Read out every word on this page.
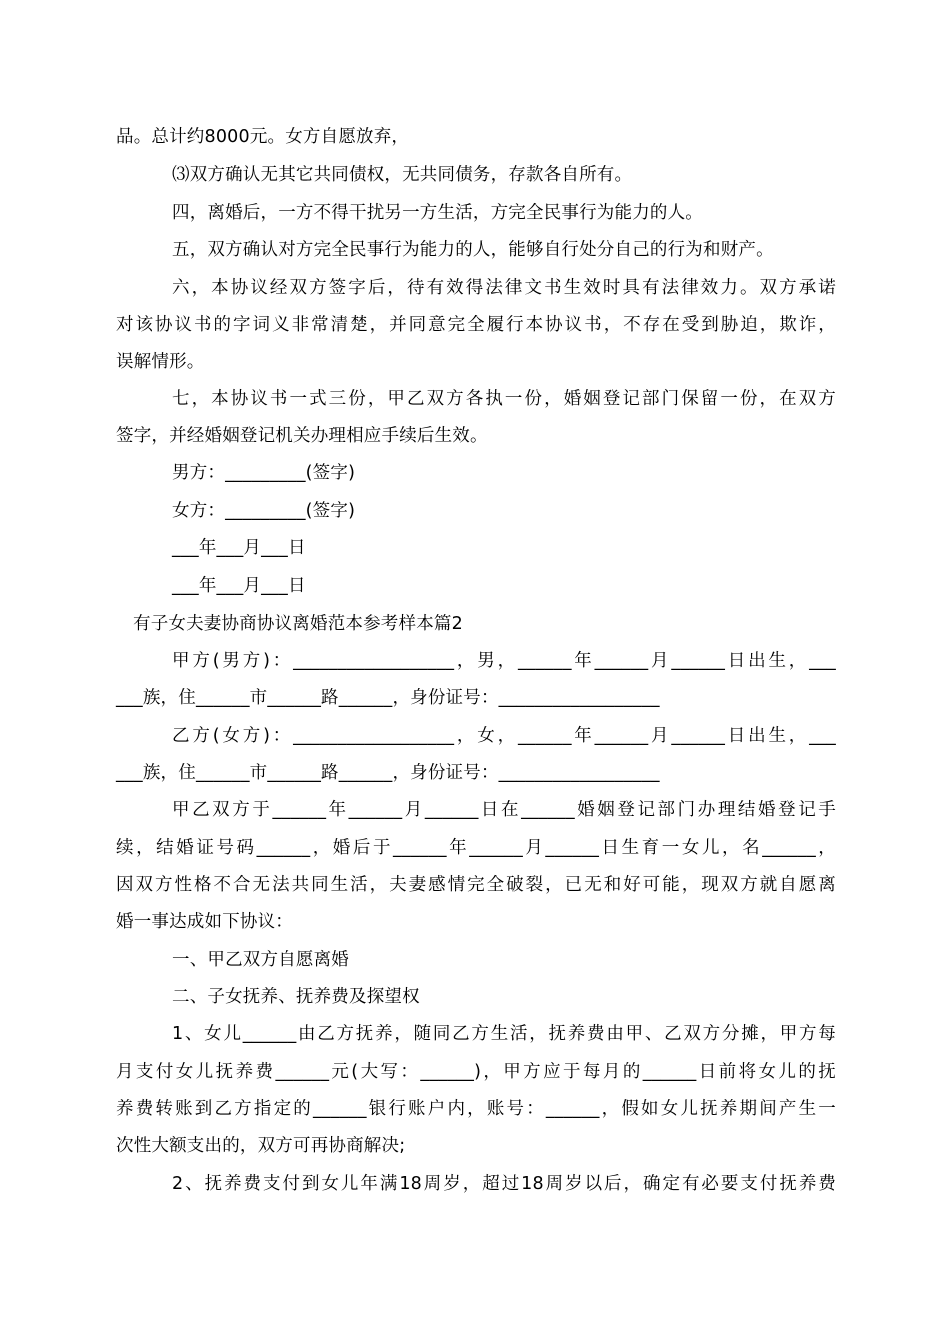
品。总计约8000元。女方自愿放弃，
⑶双方确认无其它共同债权，无共同债务，存款各自所有。
四，离婚后，一方不得干扰另一方生活，方完全民事行为能力的人。
五，双方确认对方完全民事行为能力的人，能够自行处分自己的行为和财产。
六，本协议经双方签字后，待有效得法律文书生效时具有法律效力。双方承诺
对该协议书的字词义非常清楚，并同意完全履行本协议书，不存在受到胁迫，欺诈，
误解情形。
七，本协议书一式三份，甲乙双方各执一份，婚姻登记部门保留一份，在双方
签字，并经婚姻登记机关办理相应手续后生效。
男方：_________(签字)
女方：_________(签字)
___年___月___日
___年___月___日
有子女夫妻协商协议离婚范本参考样本篇2
甲方(男方)：__________________，男，______年______月______日出生，___
___族，住______市______路______，身份证号：__________________
乙方(女方)：__________________，女，______年______月______日出生，___
___族，住______市______路______，身份证号：__________________
甲乙双方于______年______月______日在______婚姻登记部门办理结婚登记手
续，结婚证号码______，婚后于______年______月______日生育一女儿，名______，
因双方性格不合无法共同生活，夫妻感情完全破裂，已无和好可能，现双方就自愿离
婚一事达成如下协议：
一、甲乙双方自愿离婚
二、子女抚养、抚养费及探望权
1、女儿______由乙方抚养，随同乙方生活，抚养费由甲、乙双方分摊，甲方每
月支付女儿抚养费______元(大写：______)，甲方应于每月的______日前将女儿的抚
养费转账到乙方指定的______银行账户内，账号：______，假如女儿抚养期间产生一
次性大额支出的，双方可再协商解决;
2、抚养费支付到女儿年满18周岁，超过18周岁以后，确定有必要支付抚养费
